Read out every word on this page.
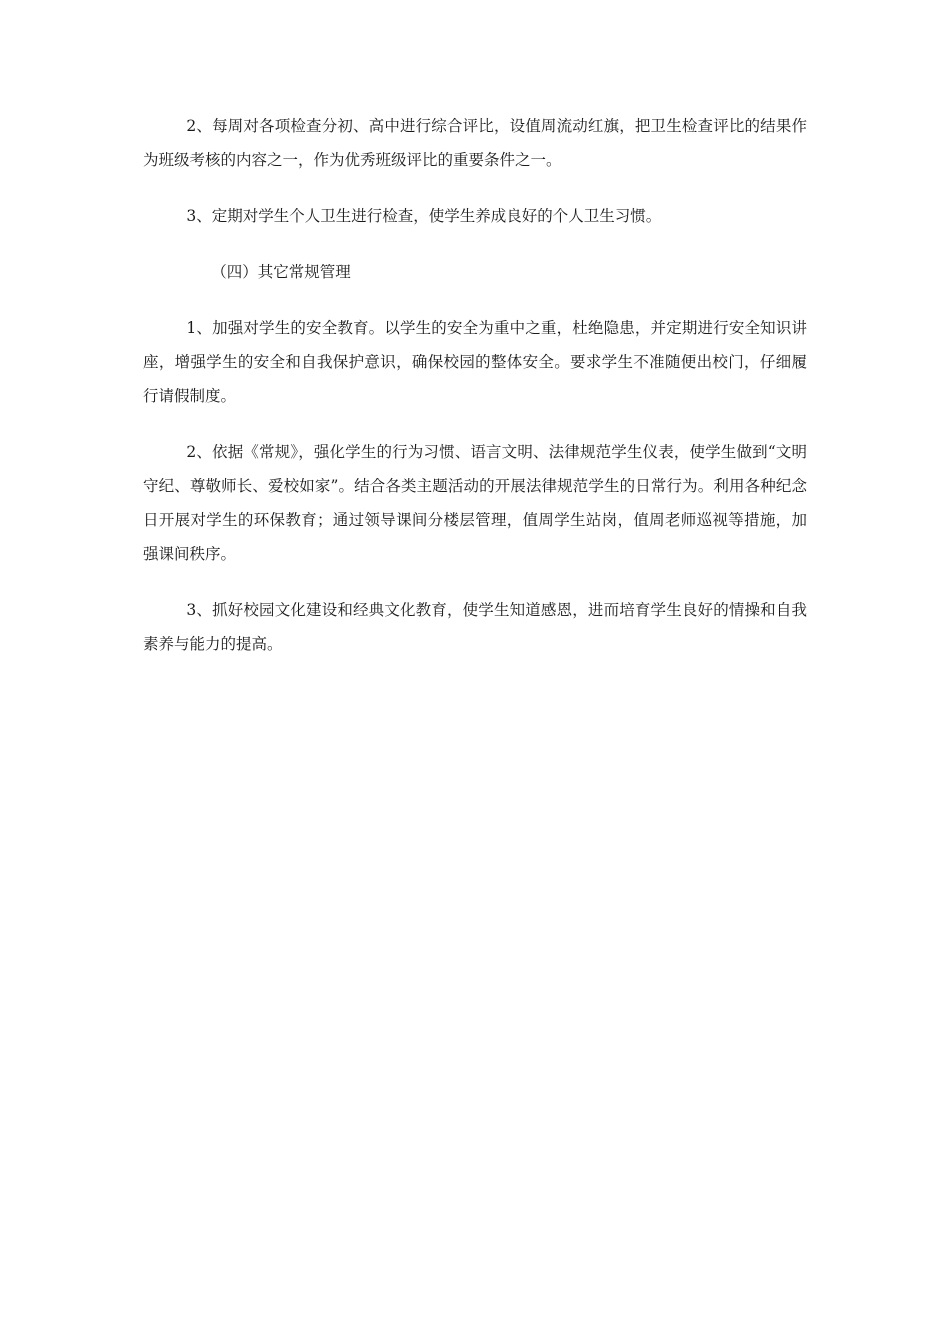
2、每周对各项检查分初、高中进行综合评比，设值周流动红旗，把卫生检查评比的结果作为班级考核的内容之一，作为优秀班级评比的重要条件之一。

3、定期对学生个人卫生进行检查，使学生养成良好的个人卫生习惯。

（四）其它常规管理

1、加强对学生的安全教育。以学生的安全为重中之重，杜绝隐患，并定期进行安全知识讲座，增强学生的安全和自我保护意识，确保校园的整体安全。要求学生不准随便出校门，仔细履行请假制度。

2、依据《常规》，强化学生的行为习惯、语言文明、法律规范学生仪表，使学生做到“文明守纪、尊敬师长、爱校如家”。结合各类主题活动的开展法律规范学生的日常行为。利用各种纪念日开展对学生的环保教育；通过领导课间分楼层管理，值周学生站岗，值周老师巡视等措施，加强课间秩序。

3、抓好校园文化建设和经典文化教育，使学生知道感恩，进而培育学生良好的情操和自我素养与能力的提高。
